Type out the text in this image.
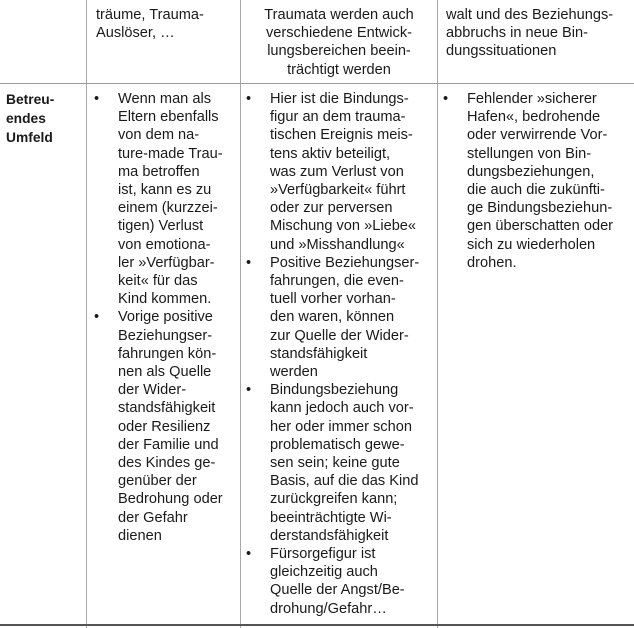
träume, Trauma-
Auslöser, …
Traumata werden auch
verschiedene Entwick-
lungsbereichen beein-
trächtigt werden
walt und des Beziehungs-
abbruchs in neue Bin-
dungssituationen
Betreu-
endes
Umfeld
• Wenn man als
Eltern ebenfalls
von dem na-
ture-made Trau-
ma betroffen
ist, kann es zu
einem (kurzzei-
tigen) Verlust
von emotiona-
ler »Verfügbar-
keit« für das
Kind kommen.
• Vorige positive
Beziehungser-
fahrungen kön-
nen als Quelle
der Wider-
standsfähigkeit
oder Resilienz
der Familie und
des Kindes ge-
genüber der
Bedrohung oder
der Gefahr
dienen
• Hier ist die Bindungs-
figur an dem trauma-
tischen Ereignis meis-
tens aktiv beteiligt,
was zum Verlust von
»Verfügbarkeit« führt
oder zur perversen
Mischung von »Liebe«
und »Misshandlung«
• Positive Beziehungser-
fahrungen, die even-
tuell vorher vorhan-
den waren, können
zur Quelle der Wider-
standsfähigkeit
werden
• Bindungsbeziehung
kann jedoch auch vor-
her oder immer schon
problematisch gewe-
sen sein; keine gute
Basis, auf die das Kind
zurückgreifen kann;
beeinträchtigte Wi-
derstandsfähigkeit
• Fürsorgefigur ist
gleichzeitig auch
Quelle der Angst/Be-
drohung/Gefahr…
• Fehlender »sicherer
Hafen«, bedrohende
oder verwirrende Vor-
stellungen von Bin-
dungsbeziehungen,
die auch die zukünfti-
ge Bindungsbeziehun-
gen überschatten oder
sich zu wiederholen
drohen.
